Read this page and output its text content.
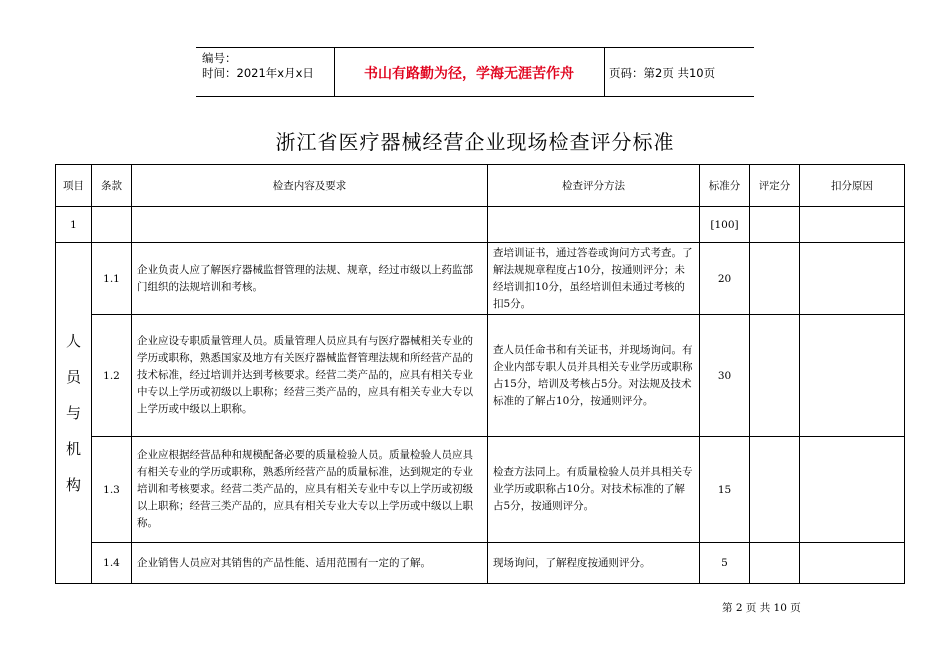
编号：
时间：2021年x月x日	书山有路勤为径，学海无涯苦作舟	页码：第2页 共10页
浙江省医疗器械经营企业现场检查评分标准
项目	条款	检查内容及要求	检查评分方法	标准分	评定分	扣分原因
1				[100]		

人
员
与
机
构	1.1	企业负责人应了解医疗器械监督管理的法规、规章，经过市级以上药监部门组织的法规培训和考核。	查培训证书，通过答卷或询问方式考查。了解法规规章程度占10分，按通则评分；未经培训扣10分，虽经培训但未通过考核的扣5分。	20		
	1.2	企业应设专职质量管理人员。质量管理人员应具有与医疗器械相关专业的学历或职称，熟悉国家及地方有关医疗器械监督管理法规和所经营产品的技术标准，经过培训并达到考核要求。经营二类产品的，应具有相关专业中专以上学历或初级以上职称；经营三类产品的，应具有相关专业大专以上学历或中级以上职称。	查人员任命书和有关证书，并现场询问。有企业内部专职人员并具相关专业学历或职称占15分，培训及考核占5分。对法规及技术标准的了解占10分，按通则评分。	30		
	1.3	企业应根据经营品种和规模配备必要的质量检验人员。质量检验人员应具有相关专业的学历或职称，熟悉所经营产品的质量标准，达到规定的专业培训和考核要求。经营二类产品的，应具有相关专业中专以上学历或初级以上职称；经营三类产品的，应具有相关专业大专以上学历或中级以上职称。	检查方法同上。有质量检验人员并具相关专业学历或职称占10分。对技术标准的了解占5分，按通则评分。	15		
	1.4	企业销售人员应对其销售的产品性能、适用范围有一定的了解。	现场询问，了解程度按通则评分。	5		
第 2 页 共 10 页
